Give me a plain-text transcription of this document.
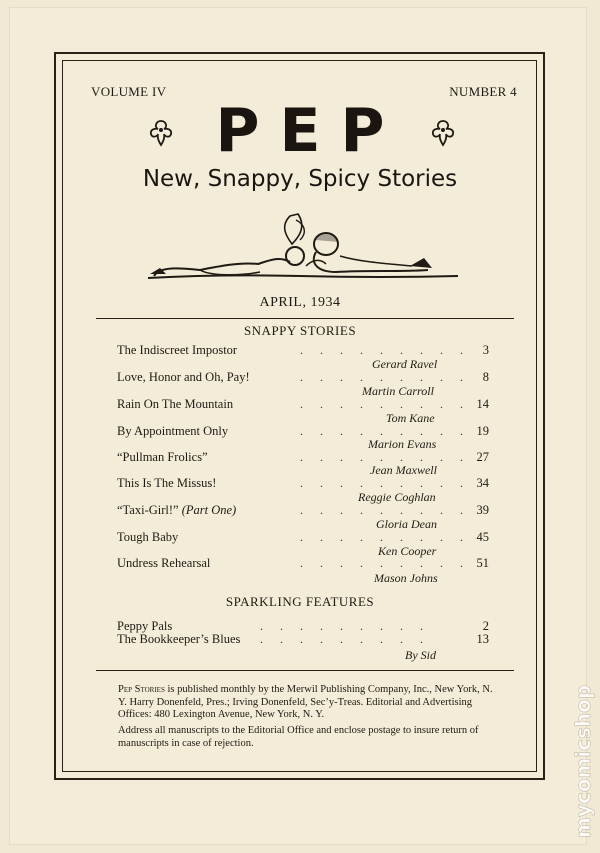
VOLUME IV	NUMBER 4
PEP
New, Snappy, Spicy Stories
APRIL, 1934
SNAPPY STORIES
The Indiscreet Impostor	. . . . . . . . . 3
Gerard Ravel
Love, Honor and Oh, Pay!	. . . . . . . . . 8
Martin Carroll
Rain On The Mountain	. . . . . . . . . 14
Tom Kane
By Appointment Only	. . . . . . . . . 19
Marion Evans
“Pullman Frolics”	. . . . . . . . . 27
Jean Maxwell
This Is The Missus!	. . . . . . . . . 34
Reggie Coghlan
“Taxi-Girl!” (Part One)	. . . . . . . . . 39
Gloria Dean
Tough Baby	. . . . . . . . . 45
Ken Cooper
Undress Rehearsal	. . . . . . . . . 51
Mason Johns
SPARKLING FEATURES
Peppy Pals	. . . . . . . . .	2
The Bookkeeper’s Blues . . . . . . . . .	13
By Sid
Pep Stories is published monthly by the Merwil Publishing Company, Inc., New York, N. Y. Harry Donenfeld, Pres.; Irving Donenfeld, Sec’y-Treas. Editorial and Advertising Offices: 480 Lexington Avenue, New York, N. Y.
Address all manuscripts to the Editorial Office and enclose postage to insure return of manuscripts in case of rejection.	mycomicshop
